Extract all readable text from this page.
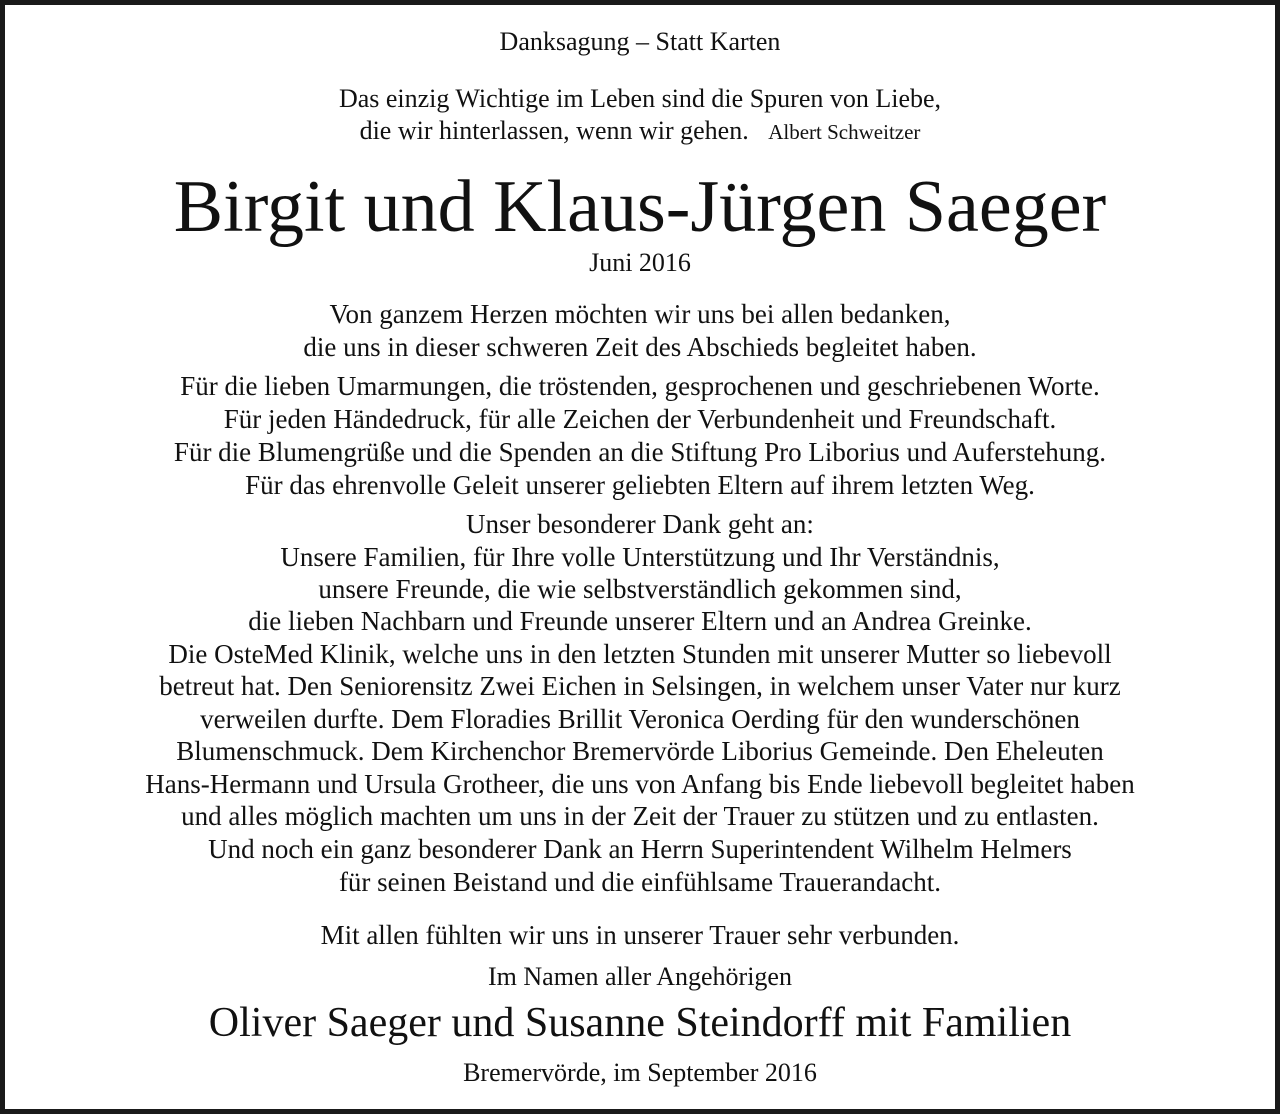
Danksagung – Statt Karten
Das einzig Wichtige im Leben sind die Spuren von Liebe,
die wir hinterlassen, wenn wir gehen. Albert Schweitzer
Birgit und Klaus-Jürgen Saeger
Juni 2016
Von ganzem Herzen möchten wir uns bei allen bedanken,
die uns in dieser schweren Zeit des Abschieds begleitet haben.
Für die lieben Umarmungen, die tröstenden, gesprochenen und geschriebenen Worte.
Für jeden Händedruck, für alle Zeichen der Verbundenheit und Freundschaft.
Für die Blumengrüße und die Spenden an die Stiftung Pro Liborius und Auferstehung.
Für das ehrenvolle Geleit unserer geliebten Eltern auf ihrem letzten Weg.
Unser besonderer Dank geht an:
Unsere Familien, für Ihre volle Unterstützung und Ihr Verständnis,
unsere Freunde, die wie selbstverständlich gekommen sind,
die lieben Nachbarn und Freunde unserer Eltern und an Andrea Greinke.
Die OsteMed Klinik, welche uns in den letzten Stunden mit unserer Mutter so liebevoll
betreut hat. Den Seniorensitz Zwei Eichen in Selsingen, in welchem unser Vater nur kurz
verweilen durfte. Dem Floradies Brillit Veronica Oerding für den wunderschönen
Blumenschmuck. Dem Kirchenchor Bremervörde Liborius Gemeinde. Den Eheleuten
Hans-Hermann und Ursula Grotheer, die uns von Anfang bis Ende liebevoll begleitet haben
und alles möglich machten um uns in der Zeit der Trauer zu stützen und zu entlasten.
Und noch ein ganz besonderer Dank an Herrn Superintendent Wilhelm Helmers
für seinen Beistand und die einfühlsame Trauerandacht.
Mit allen fühlten wir uns in unserer Trauer sehr verbunden.
Im Namen aller Angehörigen
Oliver Saeger und Susanne Steindorff mit Familien
Bremervörde, im September 2016
